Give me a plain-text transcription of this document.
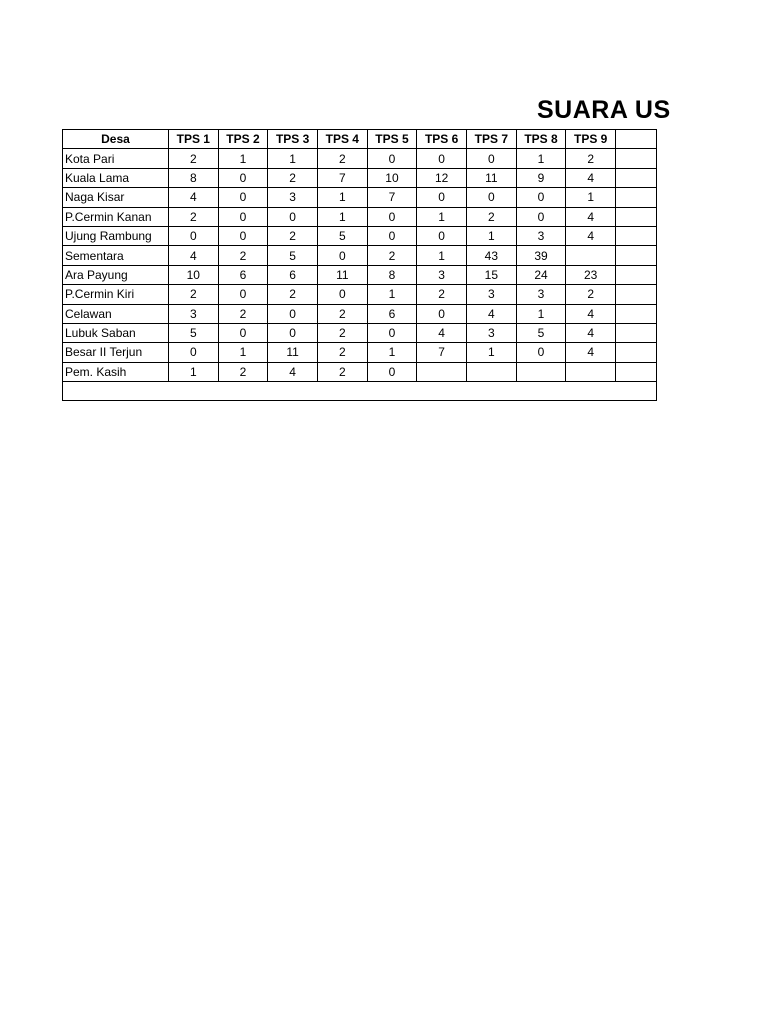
SUARA US
Desa	TPS 1	TPS 2	TPS 3	TPS 4	TPS 5	TPS 6	TPS 7	TPS 8	TPS 9	
Kota Pari	2	1	1	2	0	0	0	1	2	
Kuala Lama	8	0	2	7	10	12	11	9	4	
Naga Kisar	4	0	3	1	7	0	0	0	1	
P.Cermin Kanan	2	0	0	1	0	1	2	0	4	
Ujung Rambung	0	0	2	5	0	0	1	3	4	
Sementara	4	2	5	0	2	1	43	39		
Ara Payung	10	6	6	11	8	3	15	24	23	
P.Cermin Kiri	2	0	2	0	1	2	3	3	2	
Celawan	3	2	0	2	6	0	4	1	4	
Lubuk Saban	5	0	0	2	0	4	3	5	4	
Besar II Terjun	0	1	11	2	1	7	1	0	4	
Pem. Kasih	1	2	4	2	0					
